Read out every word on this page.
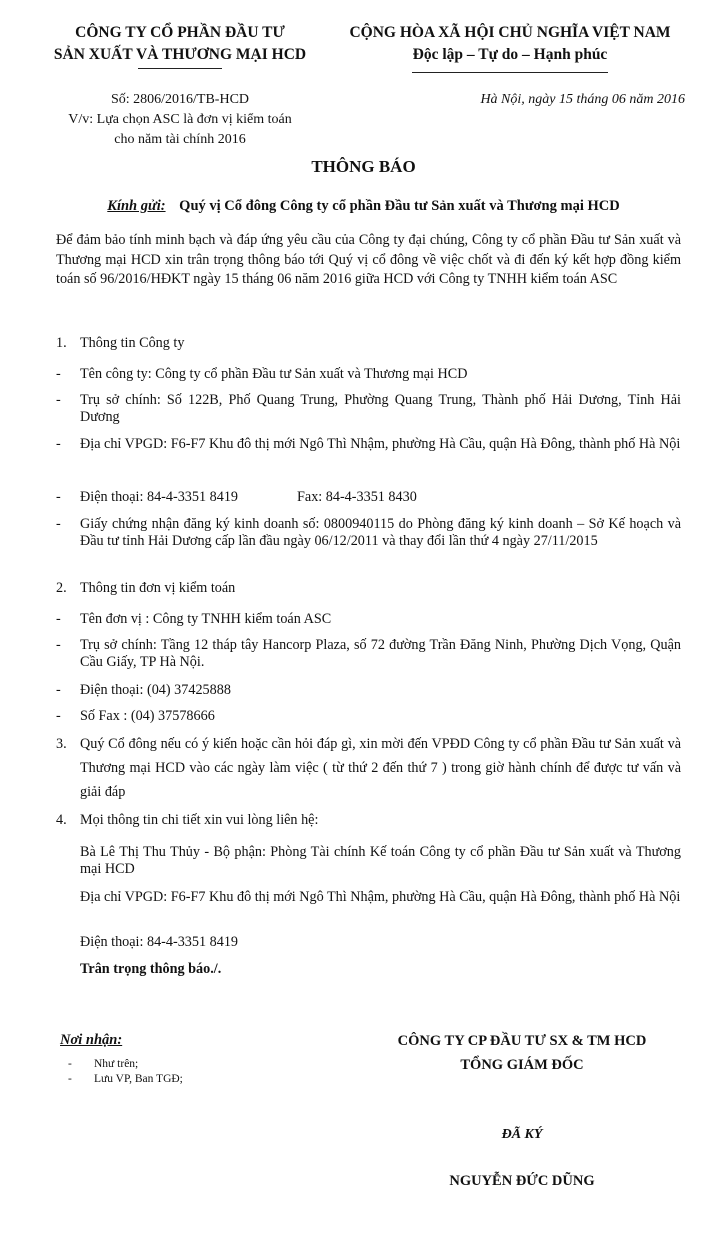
CÔNG TY CỔ PHẦN ĐẦU TƯ
SẢN XUẤT VÀ THƯƠNG MẠI HCD
CỘNG HÒA XÃ HỘI CHỦ NGHĨA VIỆT NAM
Độc lập – Tự do – Hạnh phúc
Số: 2806/2016/TB-HCD
V/v: Lựa chọn ASC là đơn vị kiểm toán
cho năm tài chính 2016
Hà Nội, ngày 15 tháng 06 năm 2016
THÔNG BÁO
Kính gửi: Quý vị Cổ đông Công ty cổ phần Đầu tư Sản xuất và Thương mại HCD
Để đảm bảo tính minh bạch và đáp ứng yêu cầu của Công ty đại chúng, Công ty cổ phần Đầu tư Sản xuất và Thương mại HCD xin trân trọng thông báo tới Quý vị cổ đông về việc chốt và đi đến ký kết hợp đồng kiểm toán số 96/2016/HĐKT ngày 15 tháng 06 năm 2016 giữa HCD với Công ty TNHH kiểm toán ASC
1. Thông tin Công ty
- Tên công ty: Công ty cổ phần Đầu tư Sản xuất và Thương mại HCD
- Trụ sở chính: Số 122B, Phố Quang Trung, Phường Quang Trung, Thành phố Hải Dương, Tỉnh Hải Dương
- Địa chỉ VPGD: F6-F7 Khu đô thị mới Ngô Thì Nhậm, phường Hà Cầu, quận Hà Đông, thành phố Hà Nội
- Điện thoại: 84-4-3351 8419	Fax: 84-4-3351 8430
- Giấy chứng nhận đăng ký kinh doanh số: 0800940115 do Phòng đăng ký kinh doanh – Sở Kế hoạch và Đầu tư tỉnh Hải Dương cấp lần đầu ngày 06/12/2011 và thay đổi lần thứ 4 ngày 27/11/2015
2. Thông tin đơn vị kiểm toán
- Tên đơn vị : Công ty TNHH kiểm toán ASC
- Trụ sở chính: Tầng 12 tháp tây Hancorp Plaza, số 72 đường Trần Đăng Ninh, Phường Dịch Vọng, Quận Cầu Giấy, TP Hà Nội.
- Điện thoại: (04) 37425888
- Số Fax : (04) 37578666
3. Quý Cổ đông nếu có ý kiến hoặc cần hỏi đáp gì, xin mời đến VPĐD Công ty cổ phần Đầu tư Sản xuất và Thương mại HCD vào các ngày làm việc ( từ thứ 2 đến thứ 7 ) trong giờ hành chính để được tư vấn và giải đáp
4. Mọi thông tin chi tiết xin vui lòng liên hệ:
Bà Lê Thị Thu Thủy - Bộ phận: Phòng Tài chính Kế toán Công ty cổ phần Đầu tư Sản xuất và Thương mại HCD
Địa chỉ VPGD: F6-F7 Khu đô thị mới Ngô Thì Nhậm, phường Hà Cầu, quận Hà Đông, thành phố Hà Nội
Điện thoại: 84-4-3351 8419
Trân trọng thông báo./.
Nơi nhận:
- Như trên;
- Lưu VP, Ban TGĐ;
CÔNG TY CP ĐẦU TƯ SX & TM HCD
TỔNG GIÁM ĐỐC
ĐÃ KÝ
NGUYỄN ĐỨC DŨNG
